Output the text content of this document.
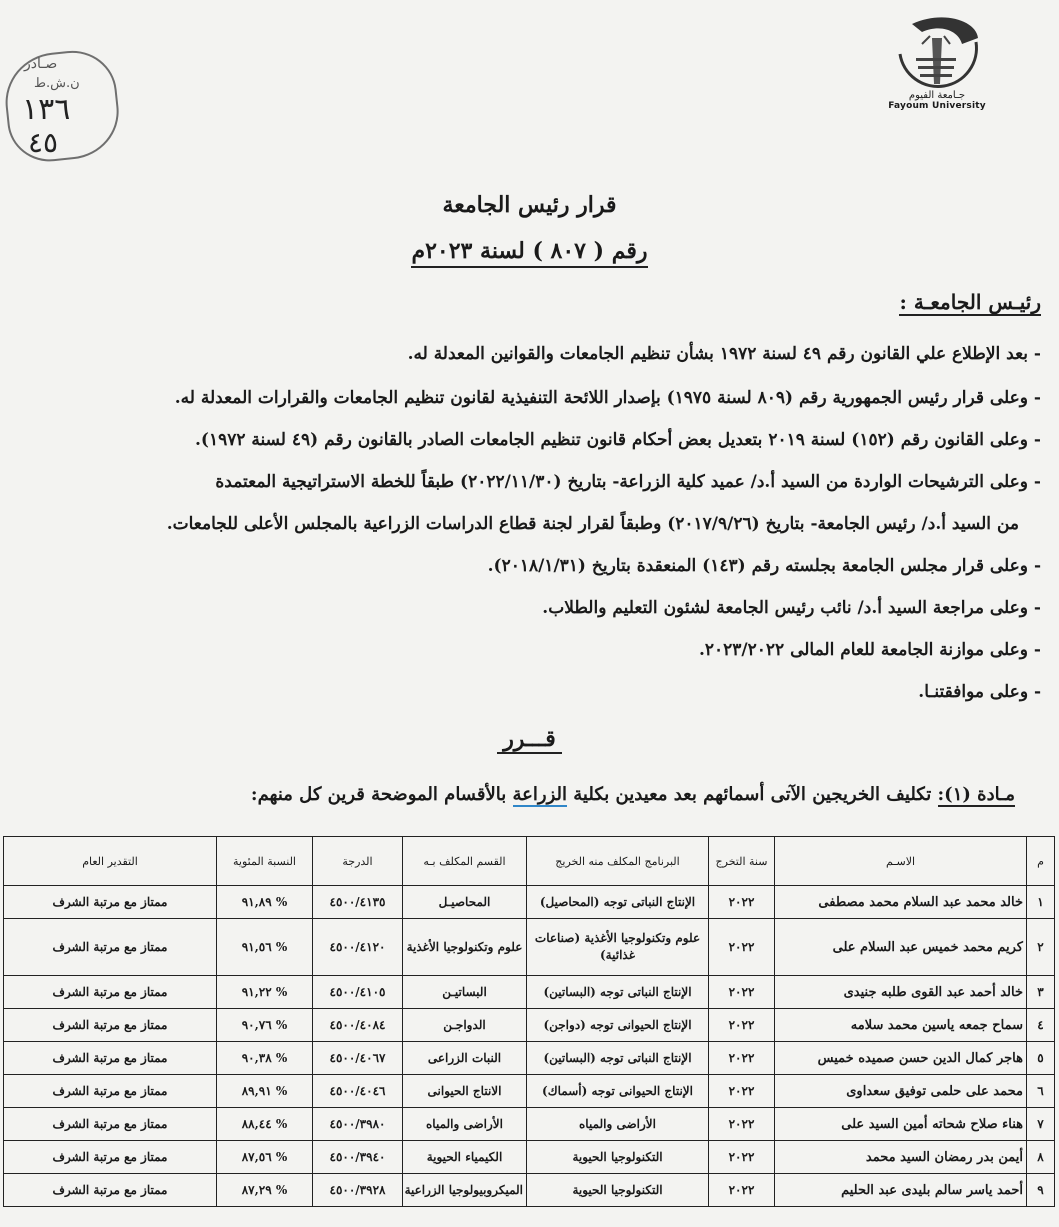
جـامعة الفيوم
Fayoum University
صـادر
ن.ش.ط
١٣٦
٤٥
قرار رئيس الجامعة
رقم ( ٨٠٧ ) لسنة ٢٠٢٣م
رئيـس الجامعـة :
- بعد الإطلاع علي القانون رقم ٤٩ لسنة ١٩٧٢ بشأن تنظيم الجامعات والقوانين المعدلة له.
- وعلى قرار رئيس الجمهورية رقم (٨٠٩ لسنة ١٩٧٥) بإصدار اللائحة التنفيذية لقانون تنظيم الجامعات والقرارات المعدلة له.
- وعلى القانون رقم (١٥٢) لسنة ٢٠١٩ بتعديل بعض أحكام قانون تنظيم الجامعات الصادر بالقانون رقم (٤٩ لسنة ١٩٧٢).
- وعلى الترشيحات الواردة من السيد أ.د/ عميد كلية الزراعة- بتاريخ (٢٠٢٢/١١/٣٠) طبقاً للخطة الاستراتيجية المعتمدة
من السيد أ.د/ رئيس الجامعة- بتاريخ (٢٠١٧/٩/٢٦) وطبقاً لقرار لجنة قطاع الدراسات الزراعية بالمجلس الأعلى للجامعات.
- وعلى قرار مجلس الجامعة بجلسته رقم (١٤٣) المنعقدة بتاريخ (٢٠١٨/١/٣١).
- وعلى مراجعة السيد أ.د/ نائب رئيس الجامعة لشئون التعليم والطلاب.
- وعلى موازنة الجامعة للعام المالى ٢٠٢٣/٢٠٢٢.
- وعلى موافقتنـا.
قـــرر
مـادة (١): تكليف الخريجين الآتى أسمائهم بعد معيدين بكلية الزراعة بالأقسام الموضحة قرين كل منهم:
م	الاسـم	سنة التخرج	البرنامج المكلف منه الخريج	القسم المكلف بـه	الدرجة	النسبة المئوية	التقدير العام
١	خالد محمد عبد السلام محمد مصطفى	٢٠٢٢	الإنتاج النباتى توجه (المحاصيل)	المحاصيـل	٤٥٠٠/٤١٣٥	% ٩١,٨٩	ممتاز مع مرتبة الشرف
٢	كريم محمد خميس عبد السلام على	٢٠٢٢	علوم وتكنولوجيا الأغذية (صناعات غذائية)	علوم وتكنولوجيا الأغذية	٤٥٠٠/٤١٢٠	% ٩١,٥٦	ممتاز مع مرتبة الشرف
٣	خالد أحمد عبد القوى طلبه جنيدى	٢٠٢٢	الإنتاج النباتى توجه (البساتين)	البساتيـن	٤٥٠٠/٤١٠٥	% ٩١,٢٢	ممتاز مع مرتبة الشرف
٤	سماح جمعه ياسين محمد سلامه	٢٠٢٢	الإنتاج الحيوانى توجه (دواجن)	الدواجـن	٤٥٠٠/٤٠٨٤	% ٩٠,٧٦	ممتاز مع مرتبة الشرف
٥	هاجر كمال الدين حسن صميده خميس	٢٠٢٢	الإنتاج النباتى توجه (البساتين)	النبات الزراعى	٤٥٠٠/٤٠٦٧	% ٩٠,٣٨	ممتاز مع مرتبة الشرف
٦	محمد على حلمى توفيق سعداوى	٢٠٢٢	الإنتاج الحيوانى توجه (أسماك)	الانتاج الحيوانى	٤٥٠٠/٤٠٤٦	% ٨٩,٩١	ممتاز مع مرتبة الشرف
٧	هناء صلاح شحاته أمين السيد على	٢٠٢٢	الأراضى والمياه	الأراضى والمياه	٤٥٠٠/٣٩٨٠	% ٨٨,٤٤	ممتاز مع مرتبة الشرف
٨	أيمن بدر رمضان السيد محمد	٢٠٢٢	التكنولوجيا الحيوية	الكيمياء الحيوية	٤٥٠٠/٣٩٤٠	% ٨٧,٥٦	ممتاز مع مرتبة الشرف
٩	أحمد ياسر سالم بليدى عبد الحليم	٢٠٢٢	التكنولوجيا الحيوية	الميكروبيولوجيا الزراعية	٤٥٠٠/٣٩٢٨	% ٨٧,٢٩	ممتاز مع مرتبة الشرف
